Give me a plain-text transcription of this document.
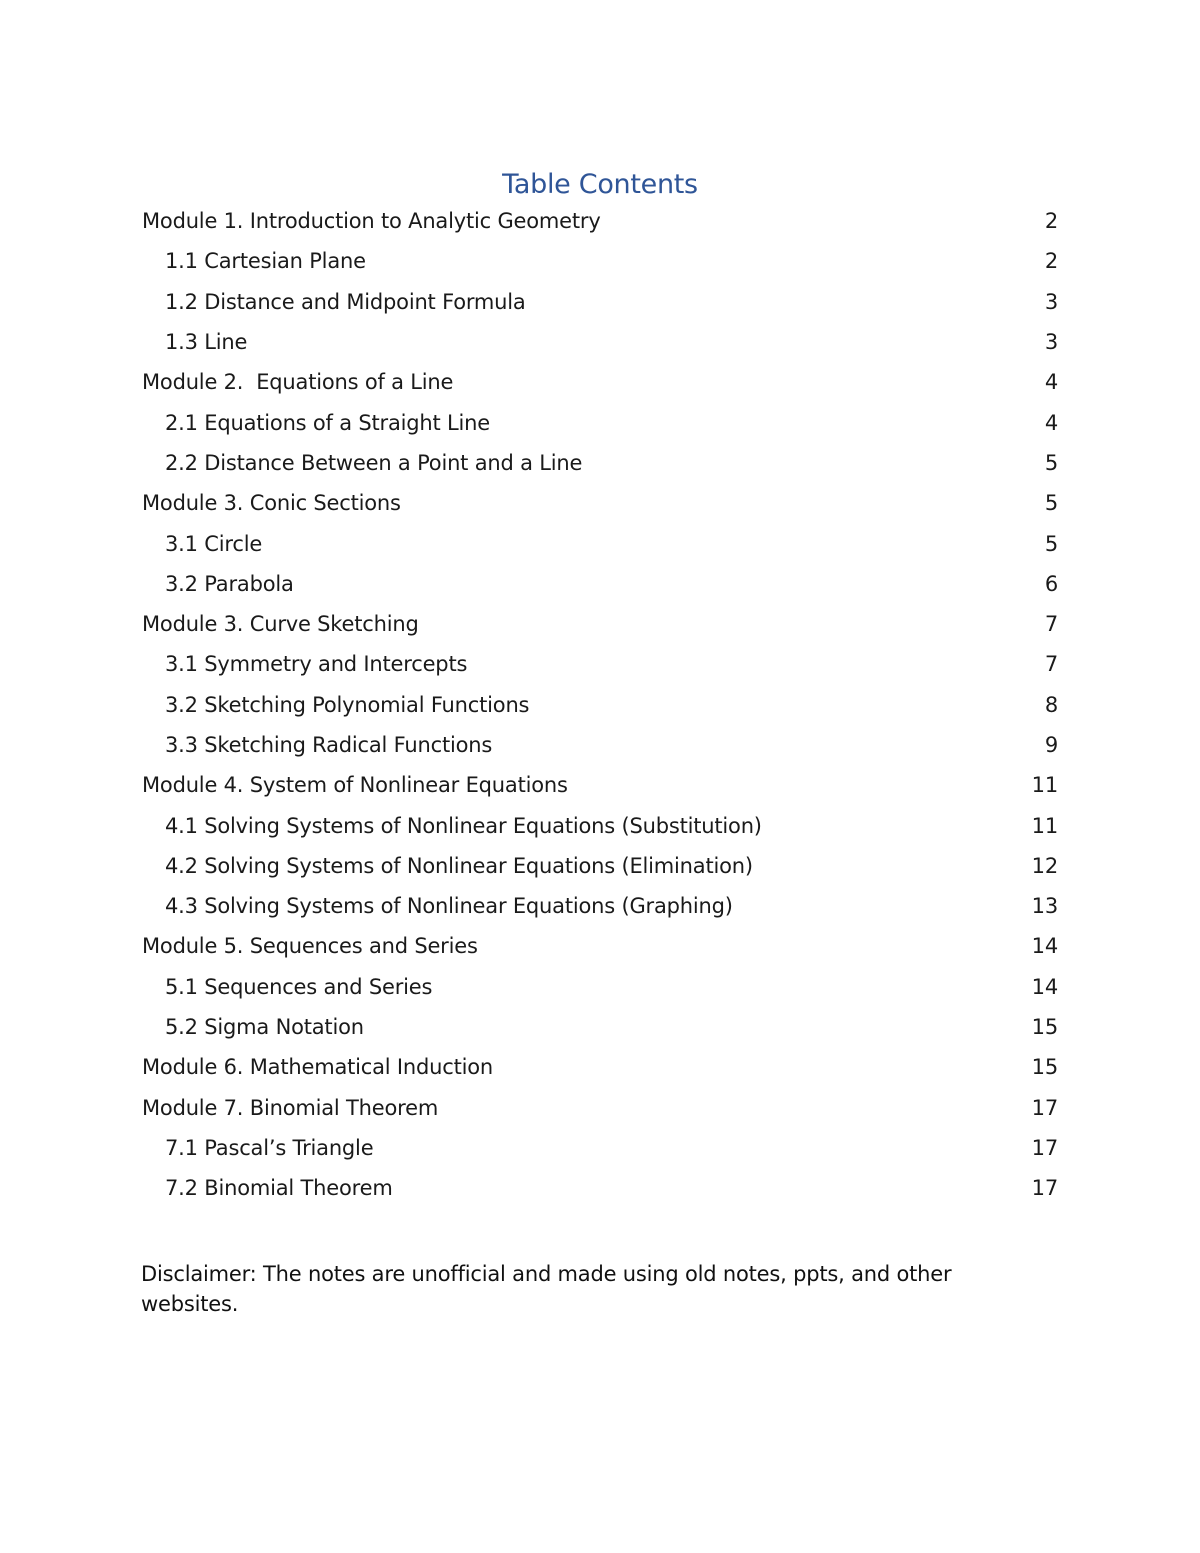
Table Contents
Module 1. Introduction to Analytic Geometry	2
1.1 Cartesian Plane	2
1.2 Distance and Midpoint Formula	3
1.3 Line	3
Module 2.  Equations of a Line	4
2.1 Equations of a Straight Line	4
2.2 Distance Between a Point and a Line	5
Module 3. Conic Sections	5
3.1 Circle	5
3.2 Parabola	6
Module 3. Curve Sketching	7
3.1 Symmetry and Intercepts	7
3.2 Sketching Polynomial Functions	8
3.3 Sketching Radical Functions	9
Module 4. System of Nonlinear Equations	11
4.1 Solving Systems of Nonlinear Equations (Substitution)	11
4.2 Solving Systems of Nonlinear Equations (Elimination)	12
4.3 Solving Systems of Nonlinear Equations (Graphing)	13
Module 5. Sequences and Series	14
5.1 Sequences and Series	14
5.2 Sigma Notation	15
Module 6. Mathematical Induction	15
Module 7. Binomial Theorem	17
7.1 Pascal’s Triangle	17
7.2 Binomial Theorem	17
Disclaimer: The notes are unofficial and made using old notes, ppts, and other websites.
